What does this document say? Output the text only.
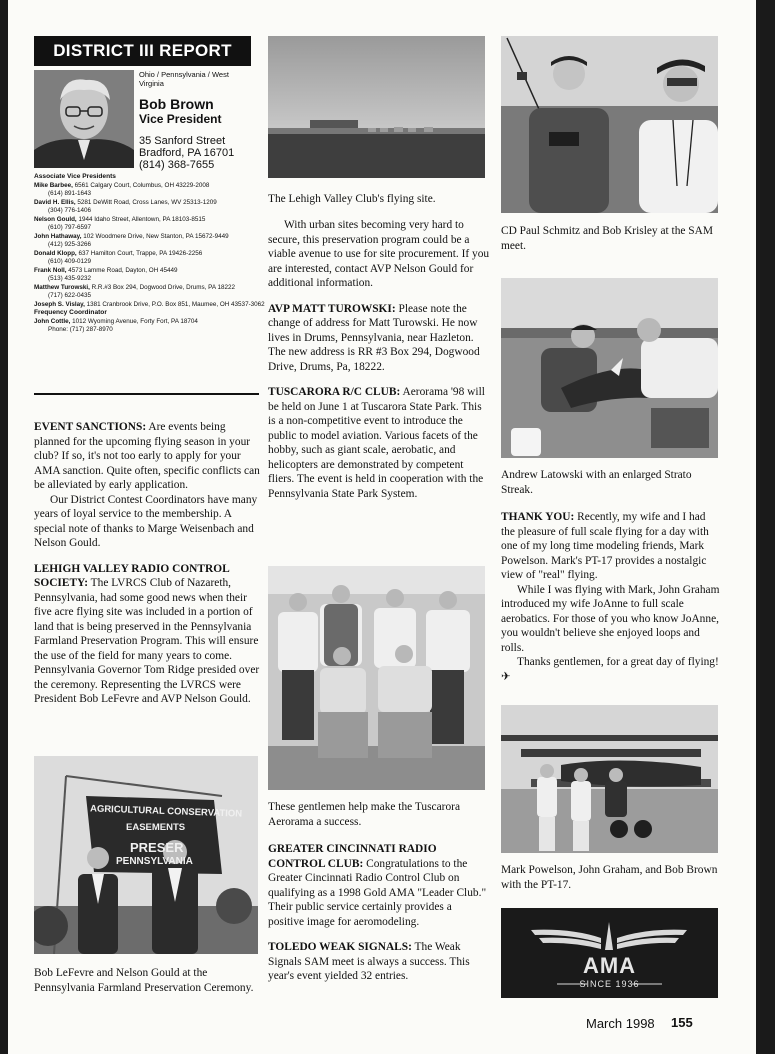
DISTRICT III REPORT
Ohio / Pennsylvania / West Virginia
Bob Brown
Vice President
35 Sanford Street
Bradford, PA 16701
(814) 368-7655
Associate Vice Presidents
Mike Barbee, 6561 Calgary Court, Columbus, OH 43229-2008
(614) 891-1643
David H. Ellis, 5281 DeWitt Road, Cross Lanes, WV 25313-1209
(304) 776-1406
Nelson Gould, 1944 Idaho Street, Allentown, PA 18103-8515
(610) 797-6597
John Hathaway, 102 Woodmere Drive, New Stanton, PA 15672-9449
(412) 925-3266
Donald Klopp, 637 Hamilton Court, Trappe, PA 19426-2256
(610) 409-0129
Frank Noll, 4573 Lamme Road, Dayton, OH 45449
(513) 435-9232
Matthew Turowski, R.R.#3 Box 294, Dogwood Drive, Drums, PA 18222
(717) 622-0435
Joseph S. Vislay, 1381 Cranbrook Drive, P.O. Box 851, Maumee, OH 43537-3062
Frequency Coordinator
John Cottle, 1012 Wyoming Avenue, Forty Fort, PA 18704
Phone: (717) 287-8970

EVENT SANCTIONS: Are events being planned for the upcoming flying season in your club? If so, it's not too early to apply for your AMA sanction. Quite often, specific conflicts can be alleviated by early application.

Our District Contest Coordinators have many years of loyal service to the membership. A special note of thanks to Marge Weisenbach and Nelson Gould.

LEHIGH VALLEY RADIO CONTROL SOCIETY: The LVRCS Club of Nazareth, Pennsylvania, had some good news when their five acre flying site was included in a portion of land that is being preserved in the Pennsylvania Farmland Preservation Program. This will ensure the use of the field for many years to come. Pennsylvania Governor Tom Ridge presided over the ceremony. Representing the LVRCS were President Bob LeFevre and AVP Nelson Gould.

AGRICULTURAL CONSERVATION
EASEMENTS
PRESER
PENNSYLVANIA

Bob LeFevre and Nelson Gould at the Pennsylvania Farmland Preservation Ceremony.

The Lehigh Valley Club's flying site.

With urban sites becoming very hard to secure, this preservation program could be a viable avenue to use for site procurement. If you are interested, contact AVP Nelson Gould for additional information.

AVP MATT TUROWSKI: Please note the change of address for Matt Turowski. He now lives in Drums, Pennsylvania, near Hazleton. The new address is RR #3 Box 294, Dogwood Drive, Drums, Pa, 18222.

TUSCARORA R/C CLUB: Aerorama '98 will be held on June 1 at Tuscarora State Park. This is a non-competitive event to introduce the public to model aviation. Various facets of the hobby, such as giant scale, aerobatic, and helicopters are demonstrated by competent fliers. The event is held in cooperation with the Pennsylvania State Park System.

These gentlemen help make the Tuscarora Aerorama a success.

GREATER CINCINNATI RADIO CONTROL CLUB: Congratulations to the Greater Cincinnati Radio Control Club on qualifying as a 1998 Gold AMA "Leader Club." Their public service certainly provides a positive image for aeromodeling.

TOLEDO WEAK SIGNALS: The Weak Signals SAM meet is always a success. This year's event yielded 32 entries.

CD Paul Schmitz and Bob Krisley at the SAM meet.

Andrew Latowski with an enlarged Strato Streak.

THANK YOU: Recently, my wife and I had the pleasure of full scale flying for a day with one of my long time modeling friends, Mark Powelson. Mark's PT-17 provides a nostalgic view of "real" flying.

While I was flying with Mark, John Graham introduced my wife JoAnne to full scale aerobatics. For those of you who know JoAnne, you wouldn't believe she enjoyed loops and rolls.

Thanks gentlemen, for a great day of flying! ✈

Mark Powelson, John Graham, and Bob Brown with the PT-17.

AMA
SINCE 1936
March 1998 155
